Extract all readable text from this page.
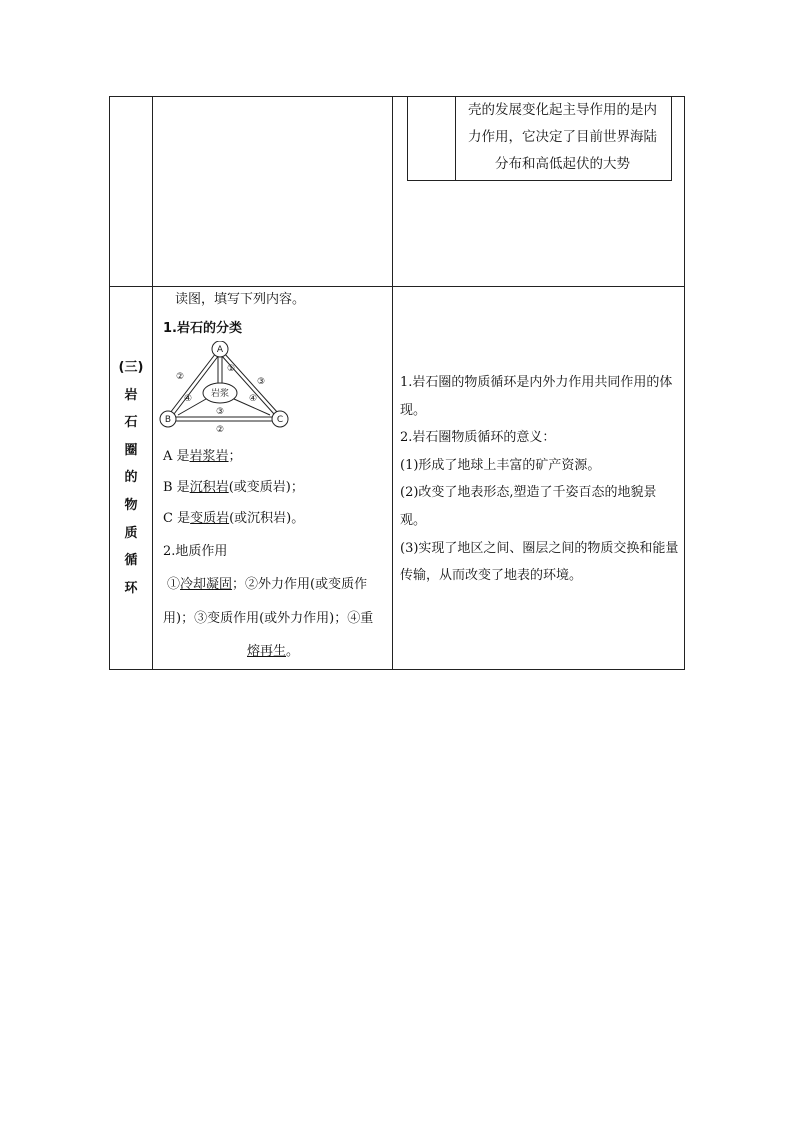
壳的发展变化起主导作用的是内
力作用，它决定了目前世界海陆
分布和高低起伏的大势
(三)
岩
石
圈
的
物
质
循
环
读图，填写下列内容。
1.岩石的分类
A 是岩浆岩；
B 是沉积岩(或变质岩)；
C 是变质岩(或沉积岩)。
2.地质作用
①冷却凝固；②外力作用(或变质作
用)；③变质作用(或外力作用)；④重
熔再生。
A
B	C
岩浆
②
④
③
④
①
③
②

1.岩石圈的物质循环是内外力作用共同作用的体现。

2.岩石圈物质循环的意义：

(1)形成了地球上丰富的矿产资源。

(2)改变了地表形态,塑造了千姿百态的地貌景观。

(3)实现了地区之间、圈层之间的物质交换和能量传输，从而改变了地表的环境。
